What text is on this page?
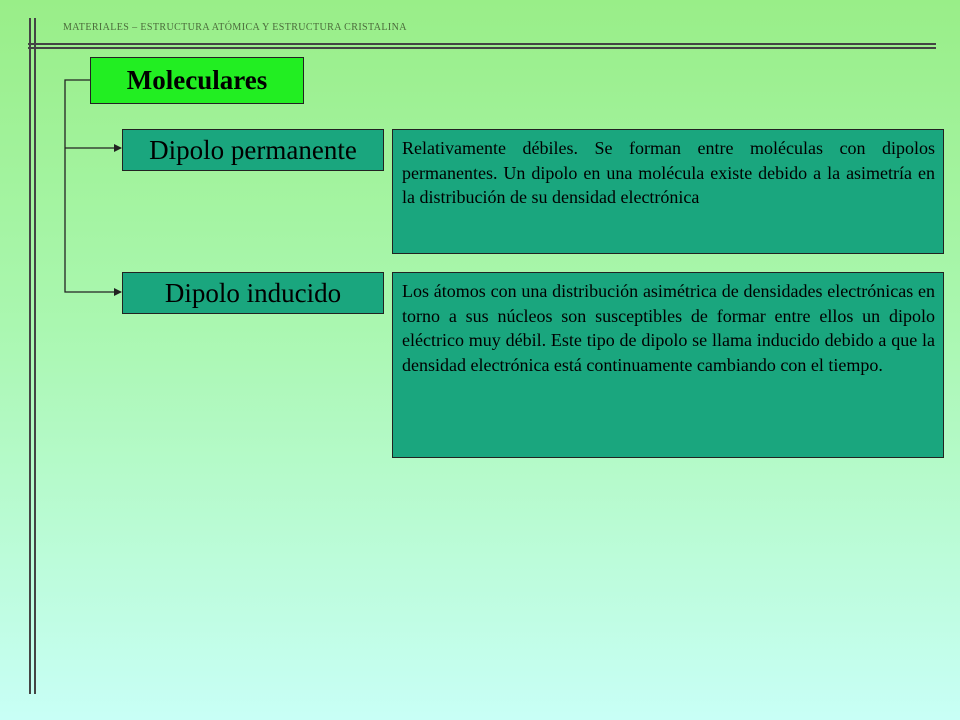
MATERIALES – ESTRUCTURA ATÓMICA Y ESTRUCTURA CRISTALINA
Moleculares
Dipolo permanente	Relativamente débiles. Se forman entre moléculas con dipolos permanentes. Un dipolo en una molécula existe debido a la asimetría en la distribución de su densidad electrónica
Dipolo inducido	Los átomos con una distribución asimétrica de densidades electrónicas en torno a sus núcleos son susceptibles de formar entre ellos un dipolo eléctrico muy débil. Este tipo de dipolo se llama inducido debido a que la densidad electrónica está continuamente cambiando con el tiempo.
